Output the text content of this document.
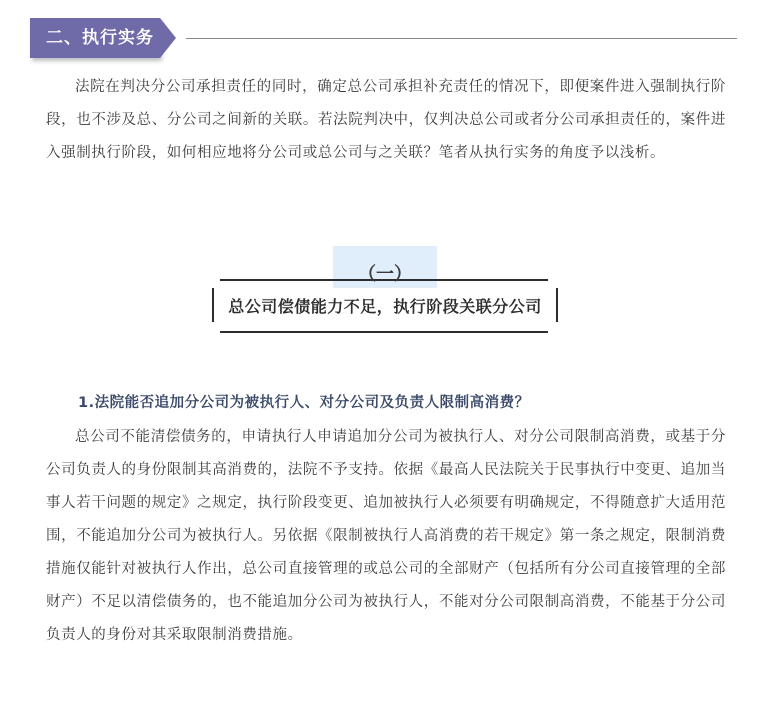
二、执行实务

法院在判决分公司承担责任的同时，确定总公司承担补充责任的情况下，即便案件进入强制执行阶段，也不涉及总、分公司之间新的关联。若法院判决中，仅判决总公司或者分公司承担责任的，案件进入强制执行阶段，如何相应地将分公司或总公司与之关联？笔者从执行实务的角度予以浅析。

（一）
总公司偿债能力不足，执行阶段关联分公司
1.法院能否追加分公司为被执行人、对分公司及负责人限制高消费？

总公司不能清偿债务的，申请执行人申请追加分公司为被执行人、对分公司限制高消费，或基于分公司负责人的身份限制其高消费的，法院不予支持。依据《最高人民法院关于民事执行中变更、追加当事人若干问题的规定》之规定，执行阶段变更、追加被执行人必须要有明确规定，不得随意扩大适用范围，不能追加分公司为被执行人。另依据《限制被执行人高消费的若干规定》第一条之规定，限制消费措施仅能针对被执行人作出，总公司直接管理的或总公司的全部财产（包括所有分公司直接管理的全部财产）不足以清偿债务的，也不能追加分公司为被执行人，不能对分公司限制高消费，不能基于分公司负责人的身份对其采取限制消费措施。
